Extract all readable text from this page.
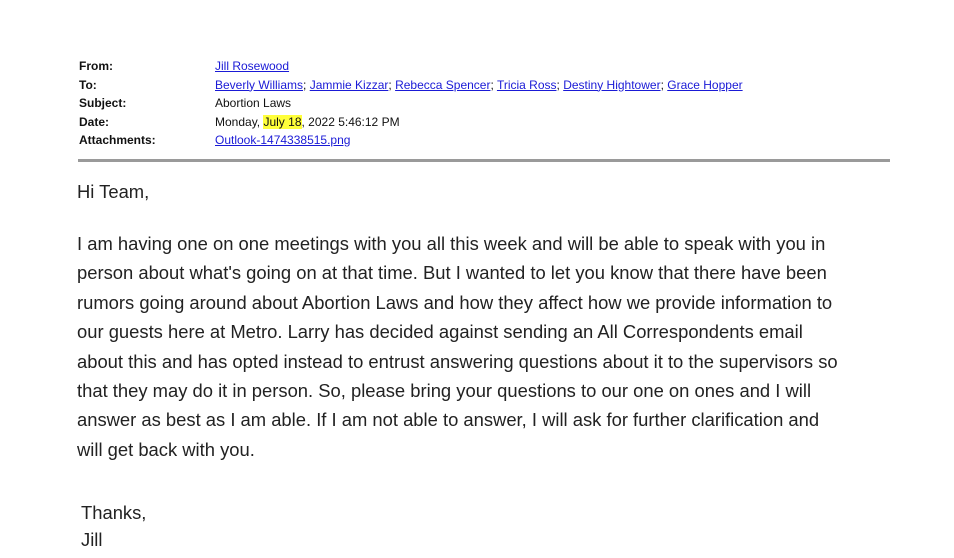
From:	Jill Rosewood
To:	Beverly Williams; Jammie Kizzar; Rebecca Spencer; Tricia Ross; Destiny Hightower; Grace Hopper
Subject:	Abortion Laws
Date:	Monday, July 18, 2022 5:46:12 PM
Attachments:	Outlook-1474338515.png

Hi Team,

I am having one on one meetings with you all this week and will be able to speak with you in
person about what's going on at that time. But I wanted to let you know that there have been
rumors going around about Abortion Laws and how they affect how we provide information to
our guests here at Metro. Larry has decided against sending an All Correspondents email
about this and has opted instead to entrust answering questions about it to the supervisors so
that they may do it in person. So, please bring your questions to our one on ones and I will
answer as best as I am able. If I am not able to answer, I will ask for further clarification and
will get back with you.

Thanks,
Jill
